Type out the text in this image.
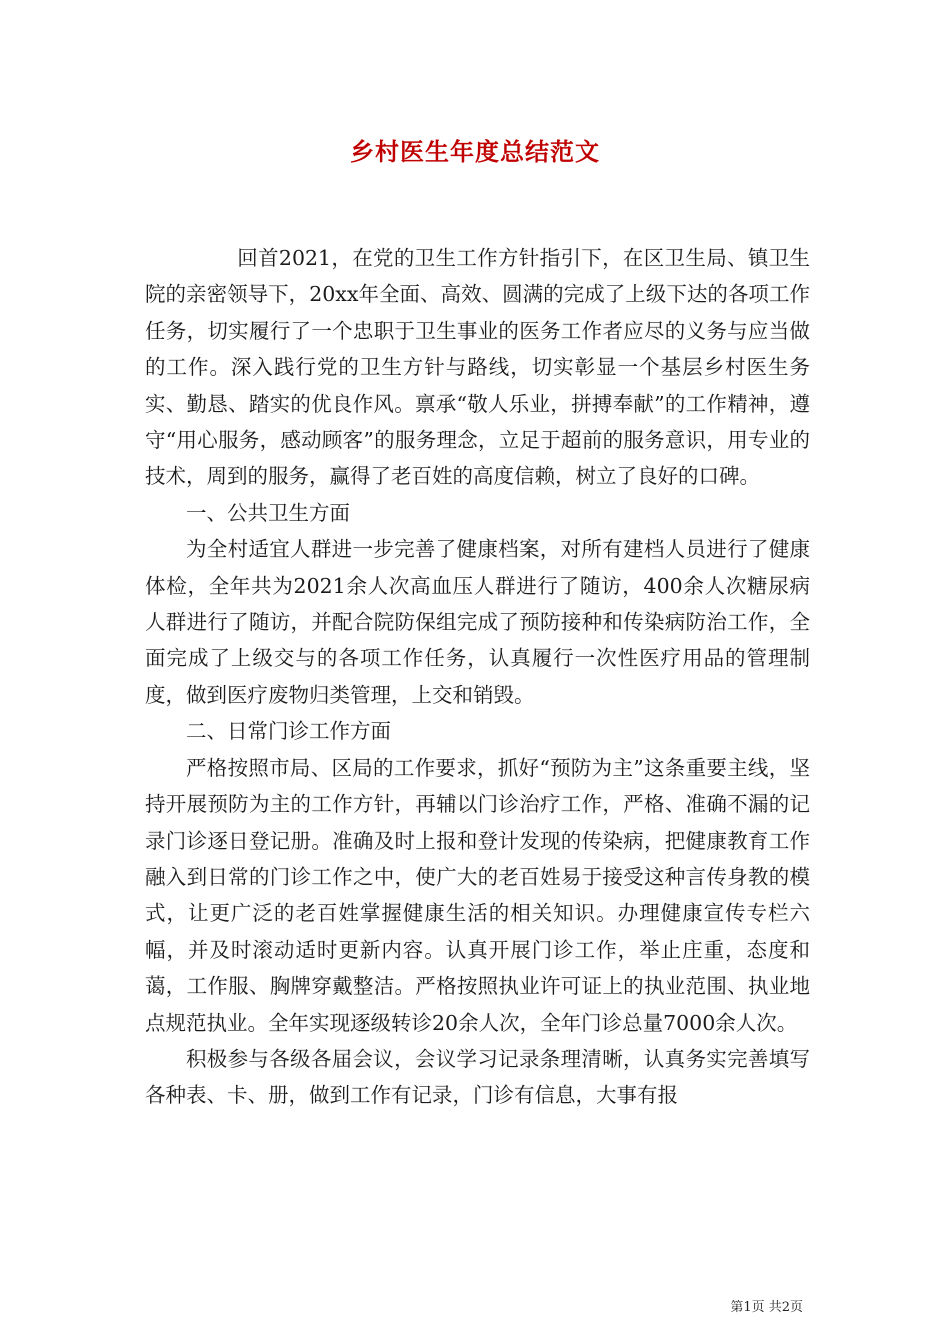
乡村医生年度总结范文

回首2021，在党的卫生工作方针指引下，在区卫生局、镇卫生院的亲密领导下，20xx年全面、高效、圆满的完成了上级下达的各项工作任务，切实履行了一个忠职于卫生事业的医务工作者应尽的义务与应当做的工作。深入践行党的卫生方针与路线，切实彰显一个基层乡村医生务实、勤恳、踏实的优良作风。禀承“敬人乐业，拼搏奉献”的工作精神，遵守“用心服务，感动顾客”的服务理念，立足于超前的服务意识，用专业的技术，周到的服务，赢得了老百姓的高度信赖，树立了良好的口碑。

一、公共卫生方面

为全村适宜人群进一步完善了健康档案，对所有建档人员进行了健康体检，全年共为2021余人次高血压人群进行了随访，400余人次糖尿病人群进行了随访，并配合院防保组完成了预防接种和传染病防治工作，全面完成了上级交与的各项工作任务，认真履行一次性医疗用品的管理制度，做到医疗废物归类管理，上交和销毁。

二、日常门诊工作方面

严格按照市局、区局的工作要求，抓好“预防为主”这条重要主线，坚持开展预防为主的工作方针，再辅以门诊治疗工作，严格、准确不漏的记录门诊逐日登记册。准确及时上报和登计发现的传染病，把健康教育工作融入到日常的门诊工作之中，使广大的老百姓易于接受这种言传身教的模式，让更广泛的老百姓掌握健康生活的相关知识。办理健康宣传专栏六幅，并及时滚动适时更新内容。认真开展门诊工作，举止庄重，态度和蔼，工作服、胸牌穿戴整洁。严格按照执业许可证上的执业范围、执业地点规范执业。全年实现逐级转诊20余人次，全年门诊总量7000余人次。

积极参与各级各届会议，会议学习记录条理清晰，认真务实完善填写各种表、卡、册，做到工作有记录，门诊有信息，大事有报

第1页 共2页
